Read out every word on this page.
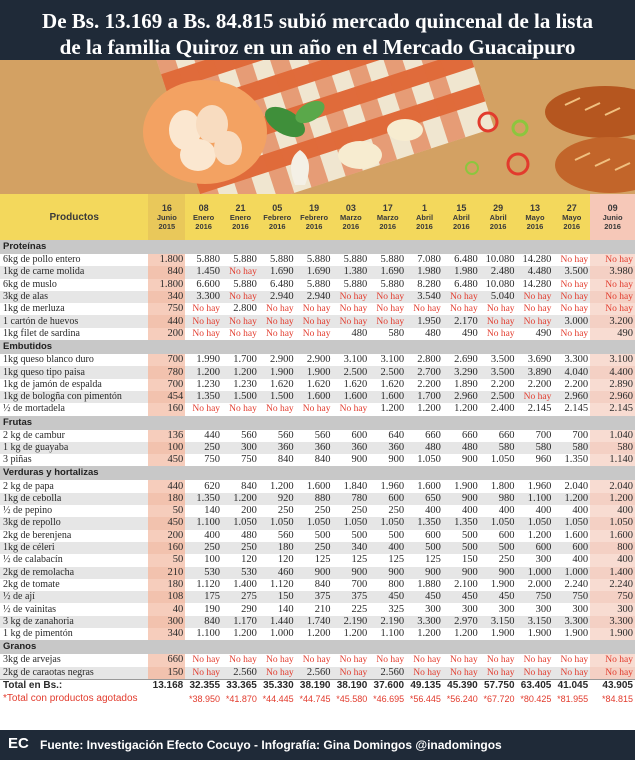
De Bs. 13.169 a Bs. 84.815 subió mercado quincenal de la lista
de la familia Quiroz en un año en el Mercado Guacaipuro
Productos	16
Junio
2015	08
Enero
2016	21
Enero
2016	05
Febrero
2016	19
Febrero
2016	03
Marzo
2016	17
Marzo
2016	1
Abril
2016	15
Abril
2016	29
Abril
2016	13
Mayo
2016	27
Mayo
2016	09
Junio
2016

Proteínas													
6kg de pollo entero	1.800	5.880	5.880	5.880	5.880	5.880	5.880	7.080	6.480	10.080	14.280	No hay	No hay
1kg de carne molida	840	1.450	No hay	1.690	1.690	1.380	1.690	1.980	1.980	2.480	4.480	3.500	3.980
6kg de muslo	1.800	6.600	5.880	6.480	5.880	5.880	5.880	8.280	6.480	10.080	14.280	No hay	No hay
3kg de alas	340	3.300	No hay	2.940	2.940	No hay	No hay	3.540	No hay	5.040	No hay	No hay	No hay
1kg de merluza	750	No hay	2.800	No hay	No hay	No hay	No hay	No hay	No hay	No hay	No hay	No hay	No hay
1 cartón de huevos	440	No hay	No hay	No hay	No hay	No hay	No hay	1.950	2.170	No hay	No hay	3.000	3.200
1kg filet de sardina	200	No hay	No hay	No hay	No hay	480	580	480	490	No hay	490	No hay	490
Embutidos													
1kg queso blanco duro	700	1.990	1.700	2.900	2.900	3.100	3.100	2.800	2.690	3.500	3.690	3.300	3.100
1kg queso tipo paisa	780	1.200	1.200	1.900	1.900	2.500	2.500	2.700	3.290	3.500	3.890	4.040	4.400
1kg de jamón de espalda	700	1.230	1.230	1.620	1.620	1.620	1.620	2.200	1.890	2.200	2.200	2.200	2.890
1kg de bologña con pimentón	454	1.350	1.500	1.500	1.600	1.600	1.600	1.700	2.960	2.500	No hay	2.960	2.960
½ de mortadela	160	No hay	No hay	No hay	No hay	No hay	1.200	1.200	1.200	2.400	2.145	2.145	2.145
Frutas													
2 kg de cambur	136	440	560	560	560	600	640	660	660	660	700	700	1.040
1 kg de guayaba	100	250	300	360	360	360	360	480	480	580	580	580	580
3 piñas	450	750	750	840	840	900	900	1.050	900	1.050	960	1.350	1.140
Verduras y hortalizas													
2 kg de papa	440	620	840	1.200	1.600	1.840	1.960	1.600	1.900	1.800	1.960	2.040	2.040
1kg de cebolla	180	1.350	1.200	920	880	780	600	650	900	980	1.100	1.200	1.200
½ de pepino	50	140	200	250	250	250	250	400	400	400	400	400	400
3kg de repollo	450	1.100	1.050	1.050	1.050	1.050	1.050	1.350	1.350	1.050	1.050	1.050	1.050
2kg de berenjena	200	400	480	560	500	500	500	600	500	600	1.200	1.600	1.600
1kg de céleri	160	250	250	180	250	340	400	500	500	500	600	600	800
½ de calabacín	50	100	120	120	125	125	125	125	150	250	300	400	400
2kg de remolacha	210	530	530	460	900	900	900	900	900	900	1.000	1.000	1.400
2kg de tomate	180	1.120	1.400	1.120	840	700	800	1.880	2.100	1.900	2.000	2.240	2.240
½ de ají	108	175	275	150	375	375	450	450	450	450	750	750	750
½ de vainitas	40	190	290	140	210	225	325	300	300	300	300	300	300
3 kg de zanahoria	300	840	1.170	1.440	1.740	2.190	2.190	3.300	2.970	3.150	3.150	3.300	3.300
1 kg de pimentón	340	1.100	1.200	1.000	1.200	1.200	1.100	1.200	1.200	1.900	1.900	1.900	1.900
Granos													
3kg de arvejas	660	No hay	No hay	No hay	No hay	No hay	No hay	No hay	No hay	No hay	No hay	No hay	No hay
2kg de caraotas negras	150	No hay	2.560	No hay	2.560	No hay	2.560	No hay	No hay	No hay	No hay	No hay	No hay
Total en Bs.:	13.168	32.355	33.365	35.330	38.190	38.190	37.600	49.135	45.390	57.750	63.405	41.045	43.905
*Total con productos agotados		*38.950	*41.870	*44.445	*44.745	*45.580	*46.695	*56.445	*56.240	*67.720	*80.425	*81.955	*84.815
EC Fuente: Investigación Efecto Cocuyo - Infografía: Gina Domingos @inadomingos
